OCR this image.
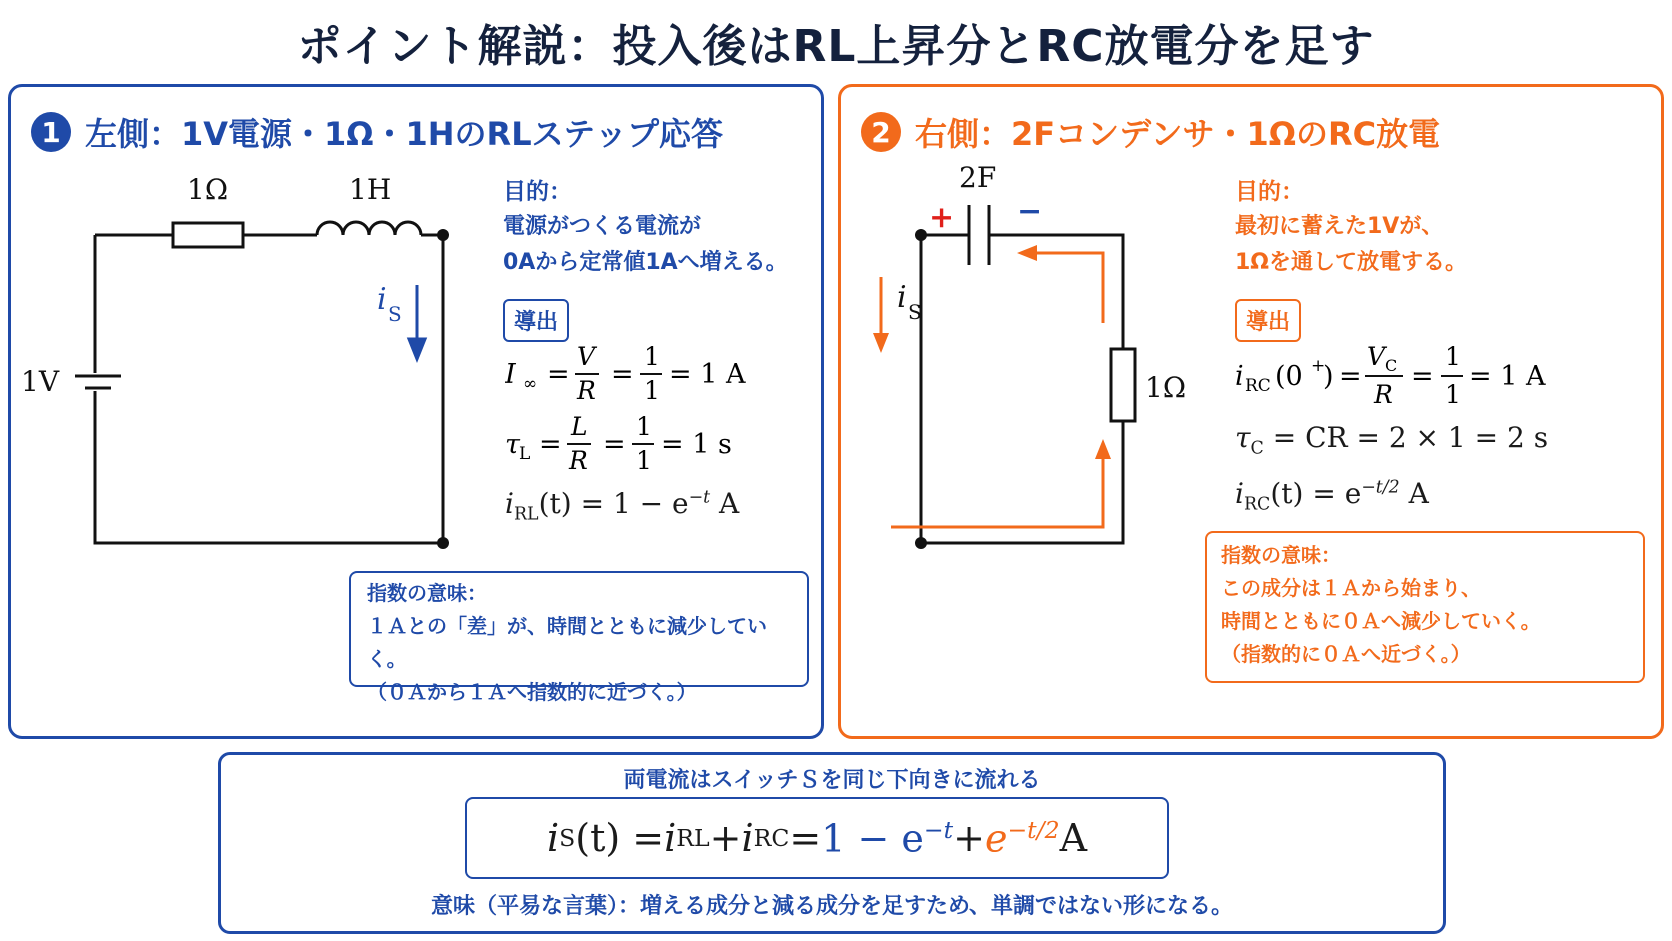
ポイント解説：投入後はRL上昇分とRC放電分を足す
1 左側：1V電源・1Ω・1HのRLステップ応答
1Ω	1H
1V
i S
目的：
電源がつくる電流が
0Aから定常値1Aへ増える。
導出
I ∞ =
V
R
=
1
1
= 1 A
τ L =
L
R
=
1
1
= 1 s
$i_{RL}(t) = 1 - e^{-t}$ A
指数の意味：
１Ａとの「差」が、時間とともに減少していく。
（０Ａから１Ａへ指数的に近づく。）
2 右側：2Fコンデンサ・1ΩのRC放電
2F
+ −
1Ω
i S
目的：
最初に蓄えた1Vが、
1Ωを通して放電する。
導出
i RC (0 +
) =
V C
R
=
1
1
= 1 A
$\tau_C$ = CR = 2 × 1 = 2 s
$i_{RC}(t) = e^{-t/2}$ A
指数の意味：
この成分は１Ａから始まり、
時間とともに０Ａへ減少していく。
（指数的に０Ａへ近づく。）
両電流はスイッチＳを同じ下向きに流れる
i S (t) = i RL + i RC = $1 - e^{-t} + e^{-t/2}$ A
意味（平易な言葉）：増える成分と減る成分を足すため、単調ではない形になる。
